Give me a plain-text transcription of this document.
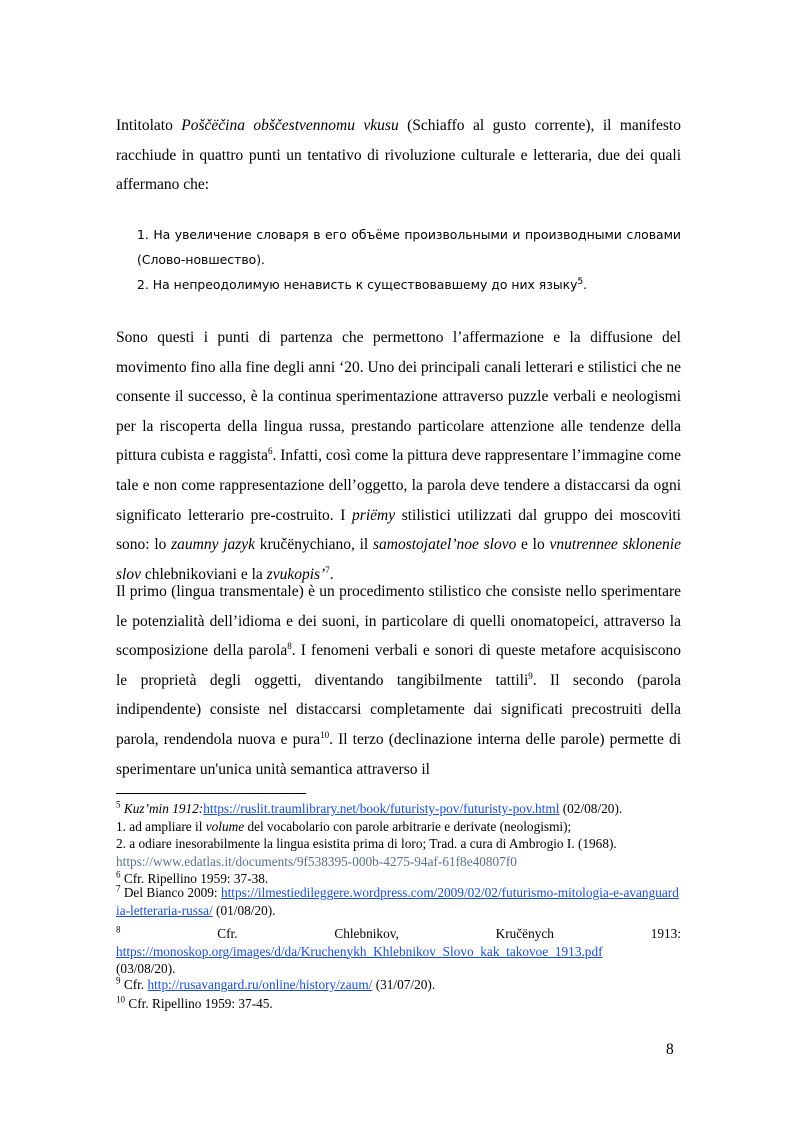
Intitolato Poščëčina obščestvennomu vkusu (Schiaffo al gusto corrente), il manifesto racchiude in quattro punti un tentativo di rivoluzione culturale e letteraria, due dei quali affermano che:

1. На увеличение словаря в его объёме произвольными и производными словами (Слово-новшество).

2. На непреодолимую ненависть к существовавшему до них языку$^5$.

Sono questi i punti di partenza che permettono l’affermazione e la diffusione del movimento fino alla fine degli anni ‘20. Uno dei principali canali letterari e stilistici che ne consente il successo, è la continua sperimentazione attraverso puzzle verbali e neologismi per la riscoperta della lingua russa, prestando particolare attenzione alle tendenze della pittura cubista e raggista$^6$. Infatti, così come la pittura deve rappresentare l’immagine come tale e non come rappresentazione dell’oggetto, la parola deve tendere a distaccarsi da ogni significato letterario pre-costruito. I priëmy stilistici utilizzati dal gruppo dei moscoviti sono: lo zaumny jazyk kručënychiano, il samostojatel’noe slovo e lo vnutrennee sklonenie slov chlebnikoviani e la zvukopis’$^7$.

Il primo (lingua transmentale) è un procedimento stilistico che consiste nello sperimentare le potenzialità dell’idioma e dei suoni, in particolare di quelli onomatopeici, attraverso la scomposizione della parola$^8$. I fenomeni verbali e sonori di queste metafore acquisiscono le proprietà degli oggetti, diventando tangibilmente tattili$^9$. Il secondo (parola indipendente) consiste nel distaccarsi completamente dai significati precostruiti della parola, rendendola nuova e pura$^{10}$. Il terzo (declinazione interna delle parole) permette di sperimentare un'unica unità semantica attraverso il

$^5$ Kuz’min 1912:https://ruslit.traumlibrary.net/book/futuristy-pov/futuristy-pov.html (02/08/20).
1. ad ampliare il volume del vocabolario con parole arbitrarie e derivate (neologismi);
2. a odiare inesorabilmente la lingua esistita prima di loro; Trad. a cura di Ambrogio I. (1968).
https://www.edatlas.it/documents/9f538395-000b-4275-94af-61f8e40807f0
$^6$ Cfr. Ripellino 1959: 37-38.
$^7$ Del Bianco 2009: https://ilmestiedileggere.wordpress.com/2009/02/02/futurismo-mitologia-e-avanguardia-letteraria-russa/ (01/08/20).
$^8$	Cfr.	Chlebnikov,	Kručënych	1913:
https://monoskop.org/images/d/da/Kruchenykh_Khlebnikov_Slovo_kak_takovoe_1913.pdf
(03/08/20).
$^9$ Cfr. http://rusavangard.ru/online/history/zaum/ (31/07/20).
$^{10}$ Cfr. Ripellino 1959: 37-45.
8
